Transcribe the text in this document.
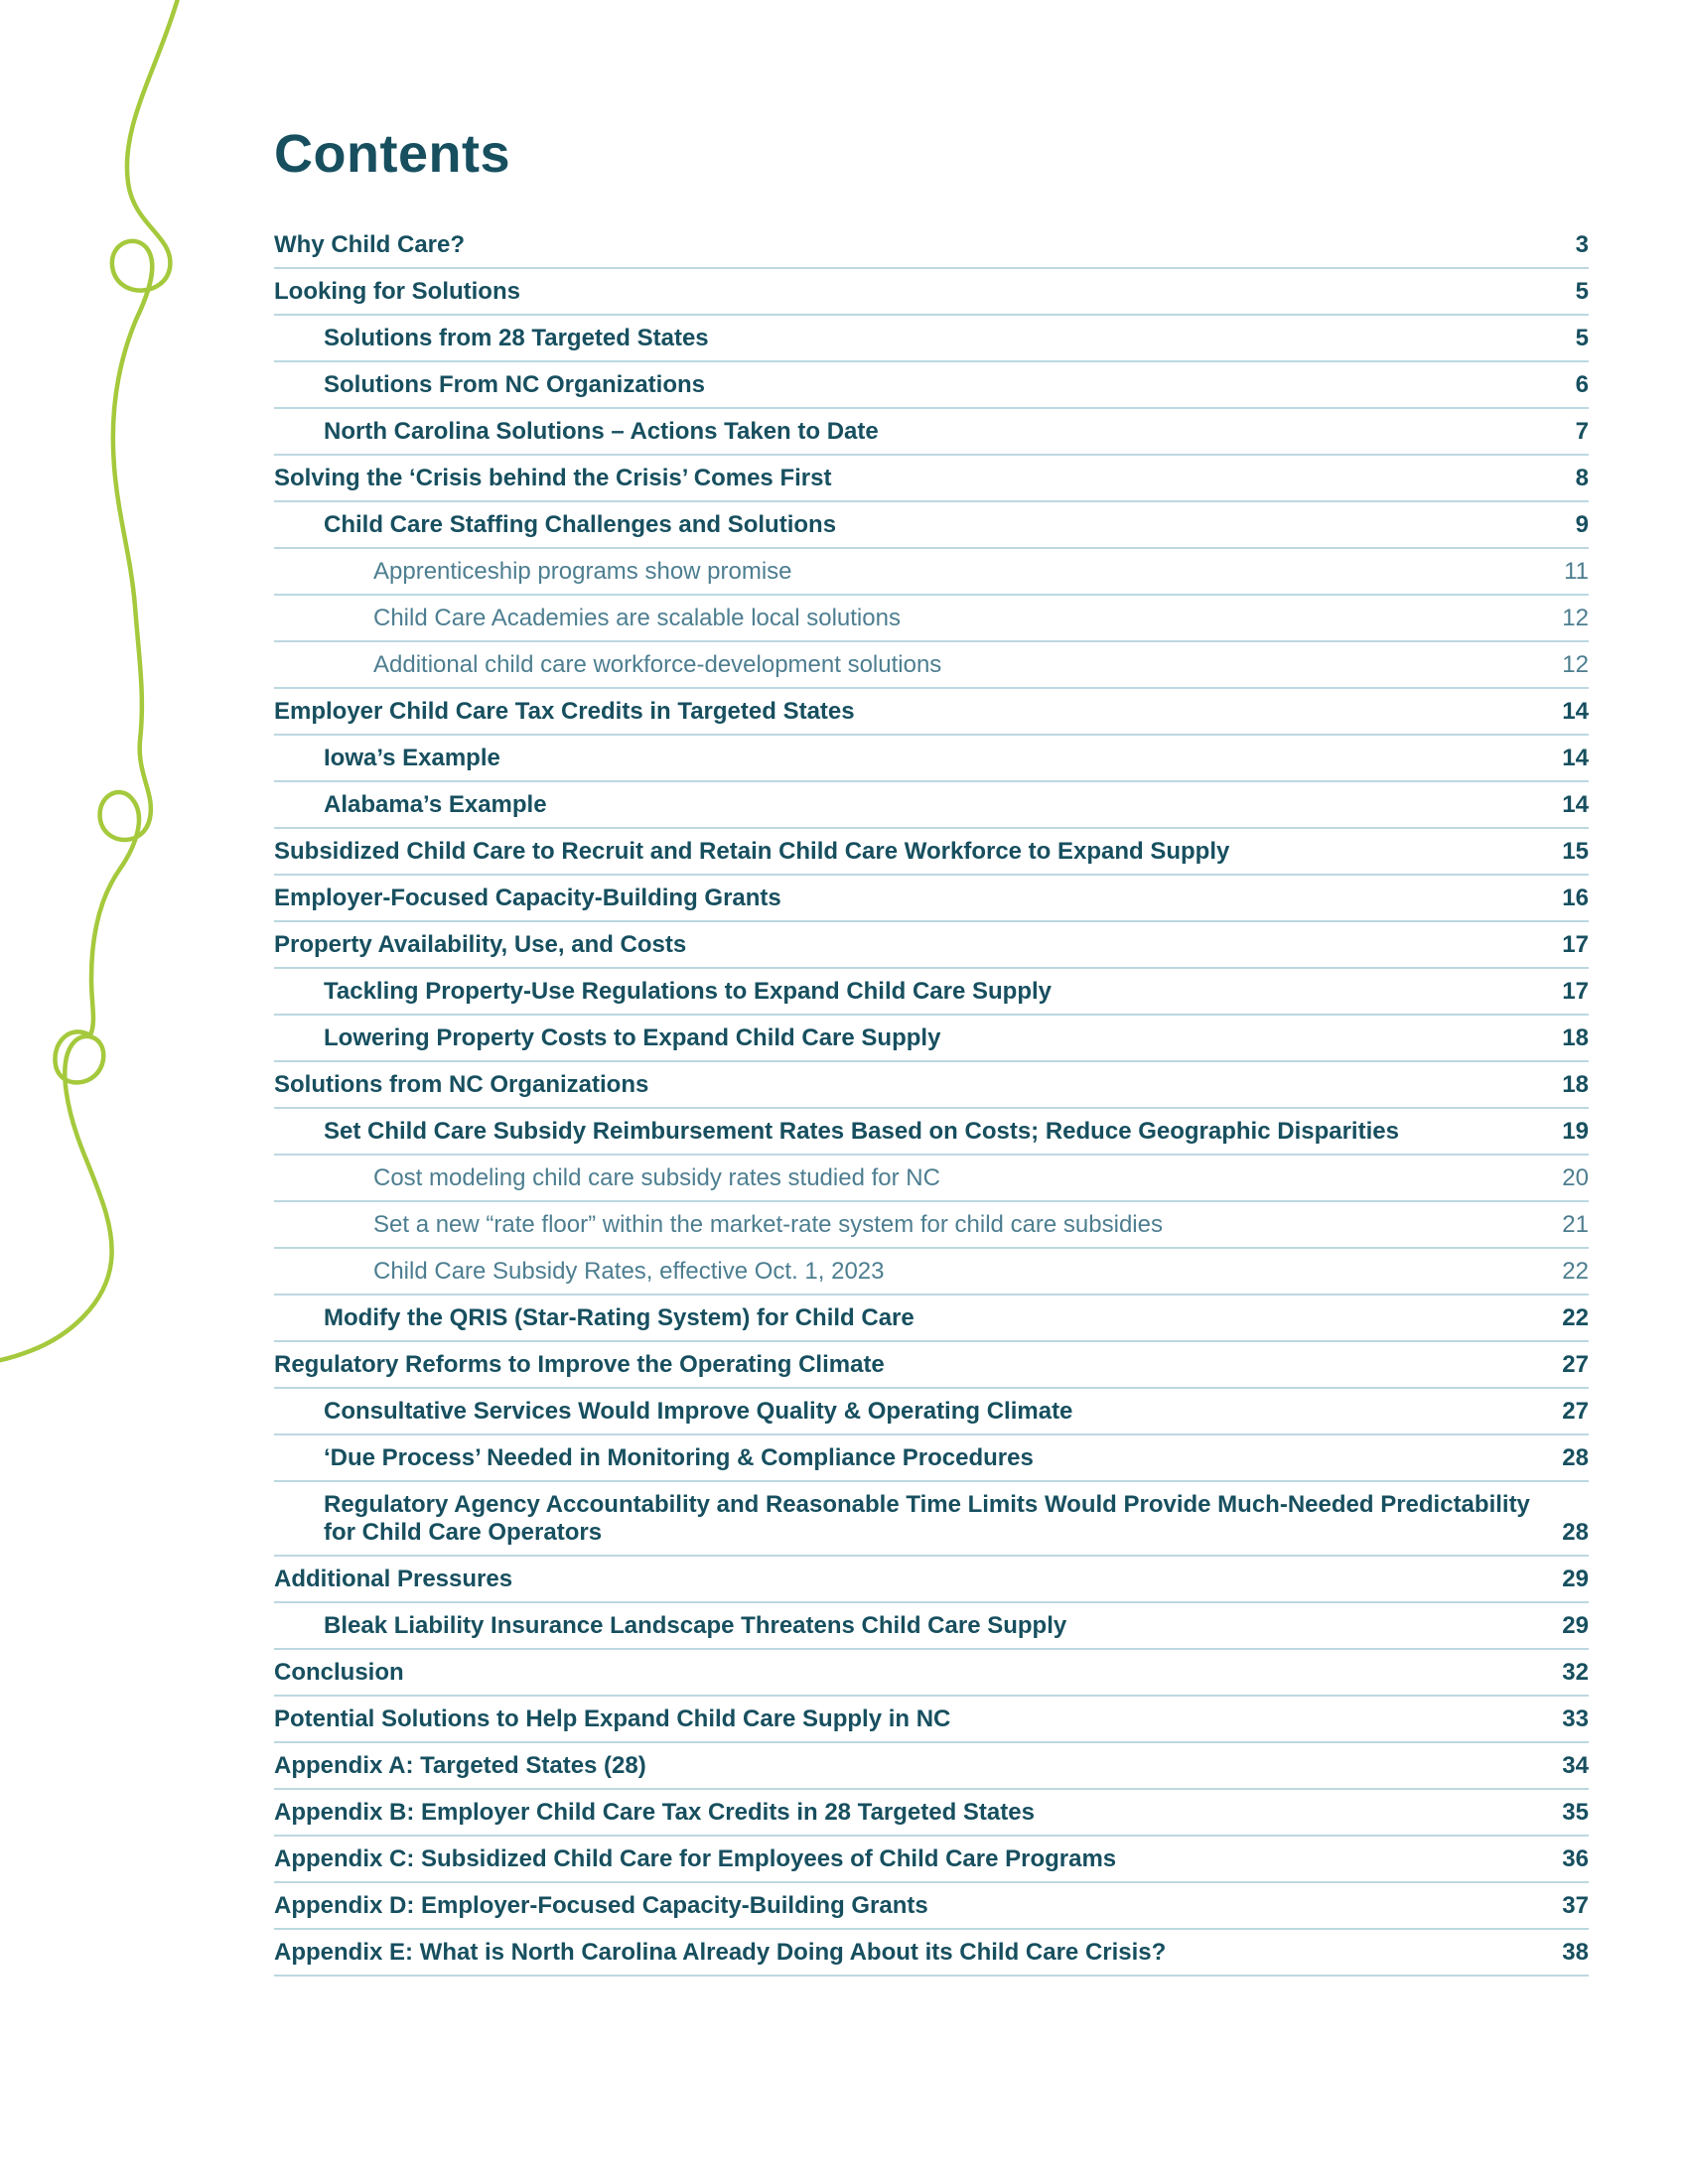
Contents
Why Child Care?	3
Looking for Solutions	5
Solutions from 28 Targeted States	5
Solutions From NC Organizations	6
North Carolina Solutions – Actions Taken to Date	7
Solving the ‘Crisis behind the Crisis’ Comes First	8
Child Care Staffing Challenges and Solutions	9
Apprenticeship programs show promise	11
Child Care Academies are scalable local solutions	12
Additional child care workforce-development solutions	12
Employer Child Care Tax Credits in Targeted States	14
Iowa’s Example	14
Alabama’s Example	14
Subsidized Child Care to Recruit and Retain Child Care Workforce to Expand Supply	15
Employer-Focused Capacity-Building Grants	16
Property Availability, Use, and Costs	17
Tackling Property-Use Regulations to Expand Child Care Supply	17
Lowering Property Costs to Expand Child Care Supply	18
Solutions from NC Organizations	18
Set Child Care Subsidy Reimbursement Rates Based on Costs; Reduce Geographic Disparities	19
Cost modeling child care subsidy rates studied for NC	20
Set a new “rate floor” within the market-rate system for child care subsidies	21
Child Care Subsidy Rates, effective Oct. 1, 2023	22
Modify the QRIS (Star-Rating System) for Child Care	22
Regulatory Reforms to Improve the Operating Climate	27
Consultative Services Would Improve Quality & Operating Climate	27
‘Due Process’ Needed in Monitoring & Compliance Procedures	28
Regulatory Agency Accountability and Reasonable Time Limits Would Provide Much-Needed Predictability for Child Care Operators	28
Additional Pressures	29
Bleak Liability Insurance Landscape Threatens Child Care Supply	29
Conclusion	32
Potential Solutions to Help Expand Child Care Supply in NC	33
Appendix A: Targeted States (28)	34
Appendix B: Employer Child Care Tax Credits in 28 Targeted States	35
Appendix C: Subsidized Child Care for Employees of Child Care Programs	36
Appendix D: Employer-Focused Capacity-Building Grants	37
Appendix E: What is North Carolina Already Doing About its Child Care Crisis?	38
